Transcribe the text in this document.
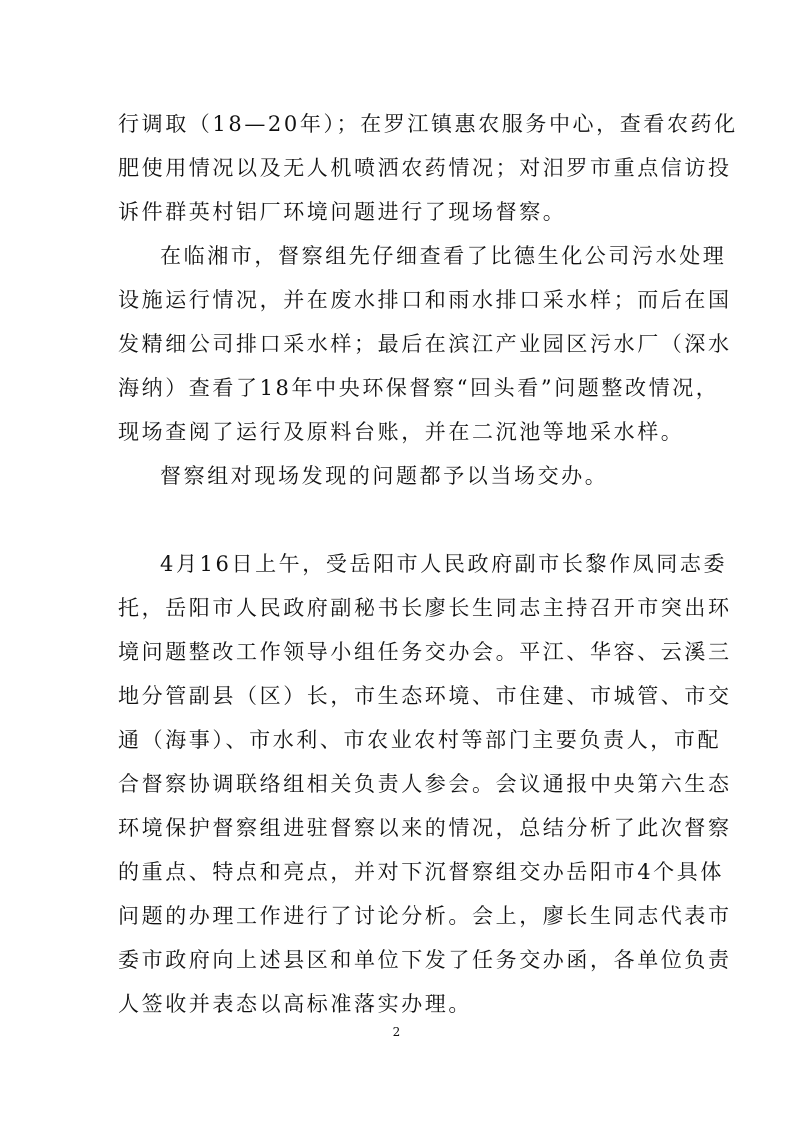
行调取（18—20年）；在罗江镇惠农服务中心，查看农药化
肥使用情况以及无人机喷洒农药情况；对汨罗市重点信访投
诉件群英村铝厂环境问题进行了现场督察。
在临湘市，督察组先仔细查看了比德生化公司污水处理
设施运行情况，并在废水排口和雨水排口采水样；而后在国
发精细公司排口采水样；最后在滨江产业园区污水厂（深水
海纳）查看了18年中央环保督察“回头看”问题整改情况，
现场查阅了运行及原料台账，并在二沉池等地采水样。
督察组对现场发现的问题都予以当场交办。
4月16日上午，受岳阳市人民政府副市长黎作凤同志委
托，岳阳市人民政府副秘书长廖长生同志主持召开市突出环
境问题整改工作领导小组任务交办会。平江、华容、云溪三
地分管副县（区）长，市生态环境、市住建、市城管、市交
通（海事）、市水利、市农业农村等部门主要负责人，市配
合督察协调联络组相关负责人参会。会议通报中央第六生态
环境保护督察组进驻督察以来的情况，总结分析了此次督察
的重点、特点和亮点，并对下沉督察组交办岳阳市4个具体
问题的办理工作进行了讨论分析。会上，廖长生同志代表市
委市政府向上述县区和单位下发了任务交办函，各单位负责
人签收并表态以高标准落实办理。
2
